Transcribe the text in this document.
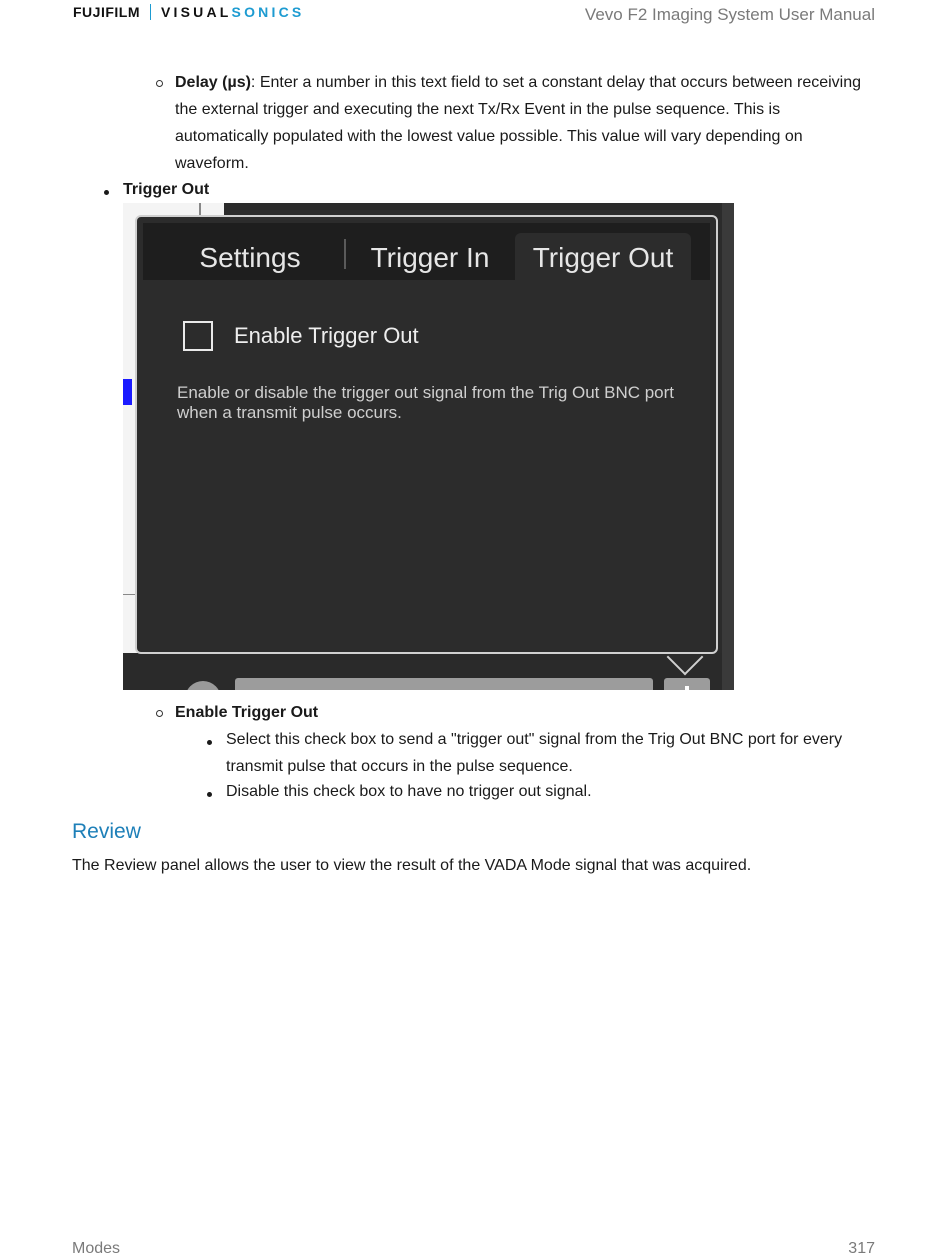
FUJIFILM VISUALSONICS	Vevo F2 Imaging System User Manual
Delay (µs): Enter a number in this text field to set a constant delay that occurs between receiving the external trigger and executing the next Tx/Rx Event in the pulse sequence. This is automatically populated with the lowest value possible. This value will vary depending on waveform.
Trigger Out
Settings	Trigger In	Trigger Out
Enable Trigger Out
Enable or disable the trigger out signal from the Trig Out BNC port
when a transmit pulse occurs.
Enable Trigger Out
Select this check box to send a "trigger out" signal from the Trig Out BNC port for every transmit pulse that occurs in the pulse sequence.
Disable this check box to have no trigger out signal.
Review
The Review panel allows the user to view the result of the VADA Mode signal that was acquired.
Modes	317
